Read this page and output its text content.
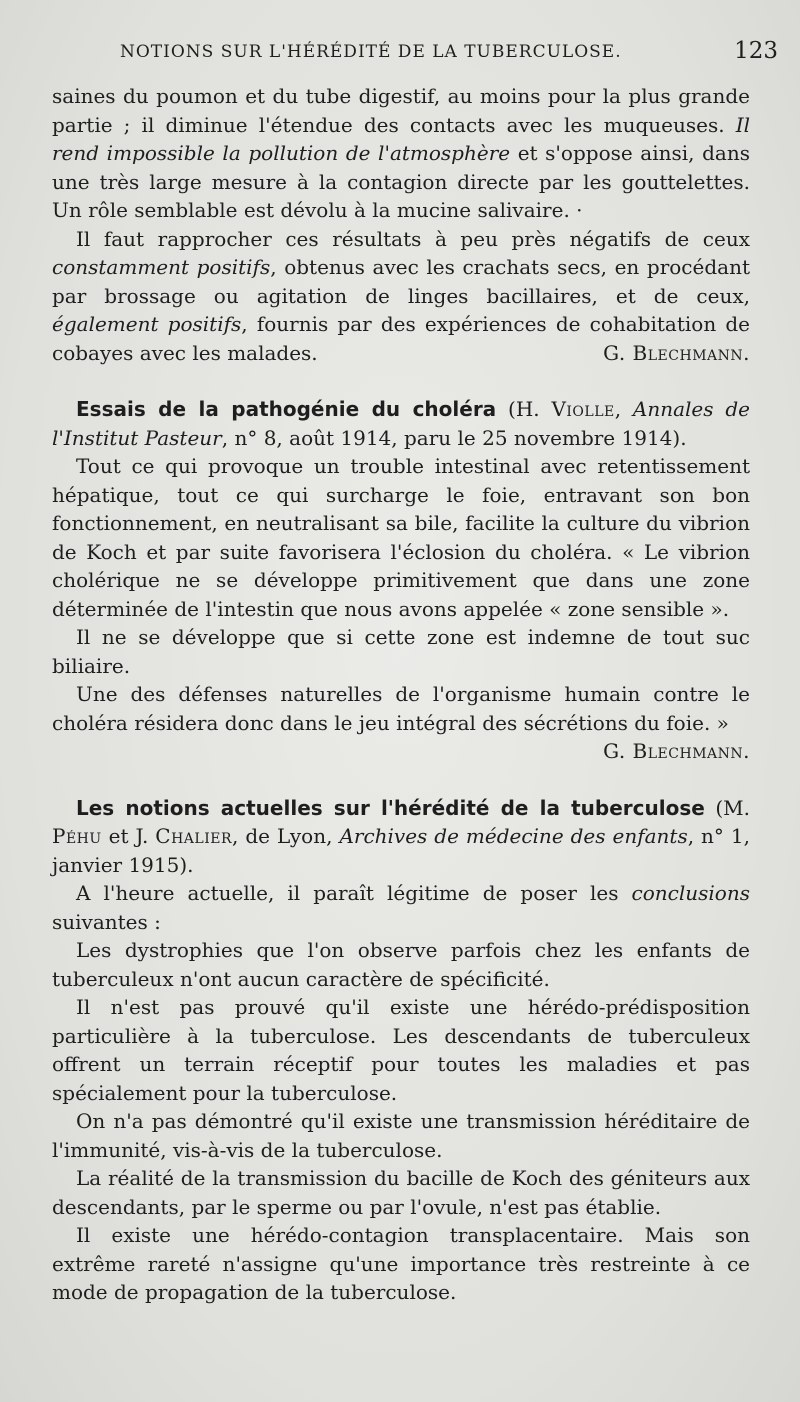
NOTIONS SUR L'HÉRÉDITÉ DE LA TUBERCULOSE.	123

saines du poumon et du tube digestif, au moins pour la plus grande partie ; il diminue l'étendue des contacts avec les muqueuses. Il rend impossible la pollution de l'atmosphère et s'oppose ainsi, dans une très large mesure à la contagion directe par les gouttelettes. Un rôle semblable est dévolu à la mucine salivaire. ·

Il faut rapprocher ces résultats à peu près négatifs de ceux constamment positifs, obtenus avec les crachats secs, en procédant par brossage ou agitation de linges bacillaires, et de ceux, également positifs, fournis par des expériences de cohabitation de cobayes avec les malades.	G. Blechmann.

Essais de la pathogénie du choléra (H. Violle, Annales de l'Institut Pasteur, n° 8, août 1914, paru le 25 novembre 1914).

Tout ce qui provoque un trouble intestinal avec retentissement hépatique, tout ce qui surcharge le foie, entravant son bon fonctionnement, en neutralisant sa bile, facilite la culture du vibrion de Koch et par suite favorisera l'éclosion du choléra. « Le vibrion cholérique ne se développe primitivement que dans une zone déterminée de l'intestin que nous avons appelée « zone sensible ».

Il ne se développe que si cette zone est indemne de tout suc biliaire.

Une des défenses naturelles de l'organisme humain contre le choléra résidera donc dans le jeu intégral des sécrétions du foie. »

G. Blechmann.

Les notions actuelles sur l'hérédité de la tuberculose (M. Péhu et J. Chalier, de Lyon, Archives de médecine des enfants, n° 1, janvier 1915).

A l'heure actuelle, il paraît légitime de poser les conclusions suivantes :

Les dystrophies que l'on observe parfois chez les enfants de tuberculeux n'ont aucun caractère de spécificité.

Il n'est pas prouvé qu'il existe une hérédo-prédisposition particulière à la tuberculose. Les descendants de tuberculeux offrent un terrain réceptif pour toutes les maladies et pas spécialement pour la tuberculose.

On n'a pas démontré qu'il existe une transmission héréditaire de l'immunité, vis-à-vis de la tuberculose.

La réalité de la transmission du bacille de Koch des géniteurs aux descendants, par le sperme ou par l'ovule, n'est pas établie.

Il existe une hérédo-contagion transplacentaire. Mais son extrême rareté n'assigne qu'une importance très restreinte à ce mode de propagation de la tuberculose.
